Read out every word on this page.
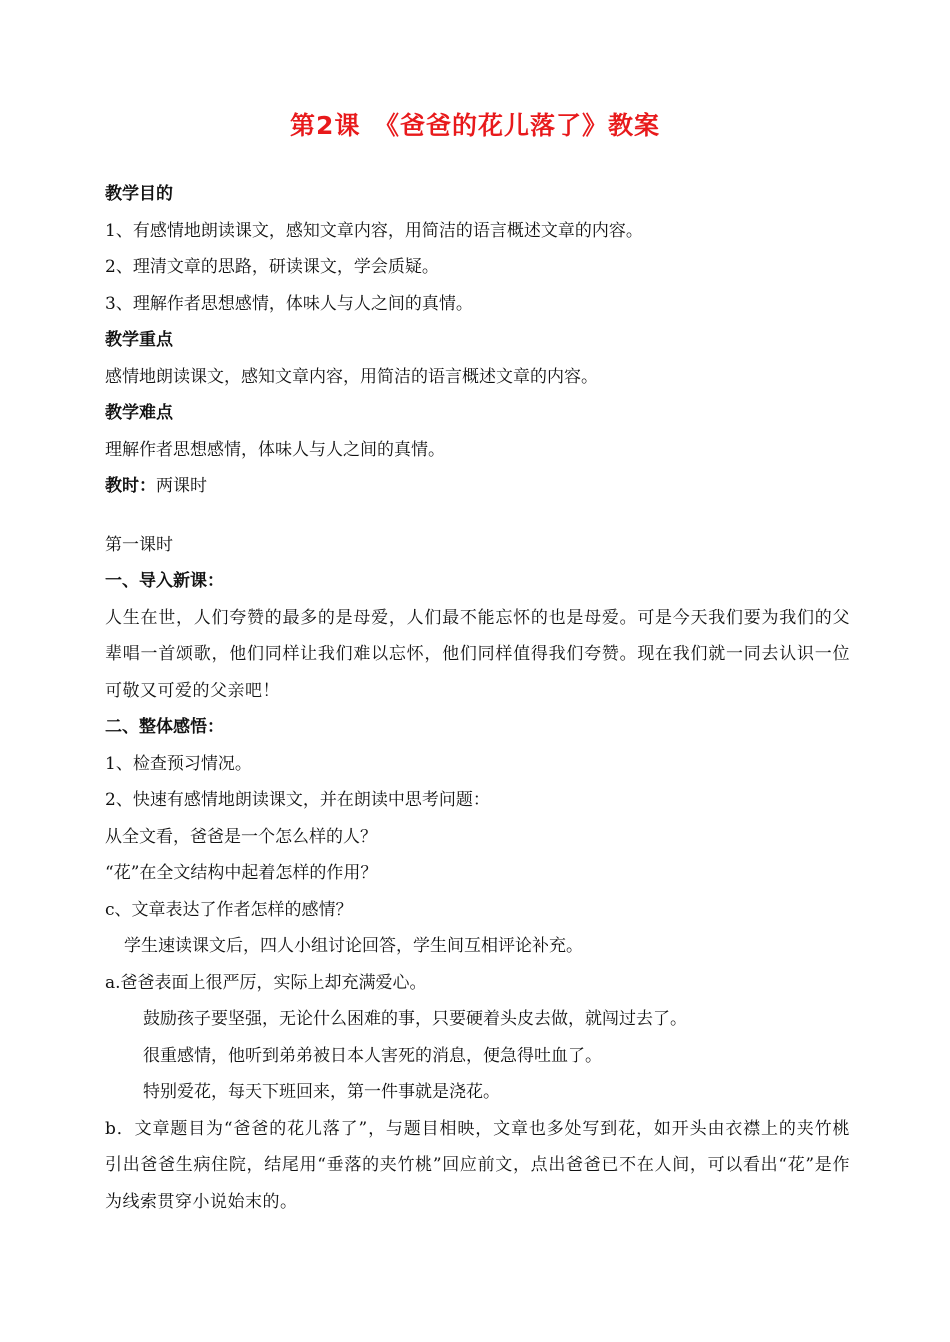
第2课　《爸爸的花儿落了》教案
教学目的
1、有感情地朗读课文，感知文章内容，用简洁的语言概述文章的内容。
2、理清文章的思路，研读课文，学会质疑。
3、理解作者思想感情，体味人与人之间的真情。
教学重点
感情地朗读课文，感知文章内容，用简洁的语言概述文章的内容。
教学难点
理解作者思想感情，体味人与人之间的真情。
教时：两课时
第一课时
一、导入新课：
人生在世，人们夸赞的最多的是母爱，人们最不能忘怀的也是母爱。可是今天我们要为我们的父辈唱一首颂歌，他们同样让我们难以忘怀，他们同样值得我们夸赞。现在我们就一同去认识一位可敬又可爱的父亲吧！
二、整体感悟：
1、检查预习情况。
2、快速有感情地朗读课文，并在朗读中思考问题：
从全文看，爸爸是一个怎么样的人？
“花”在全文结构中起着怎样的作用？
c、文章表达了作者怎样的感情？
学生速读课文后，四人小组讨论回答，学生间互相评论补充。
a.爸爸表面上很严厉，实际上却充满爱心。
鼓励孩子要坚强，无论什么困难的事，只要硬着头皮去做，就闯过去了。
很重感情，他听到弟弟被日本人害死的消息，便急得吐血了。
特别爱花，每天下班回来，第一件事就是浇花。
b．文章题目为“爸爸的花儿落了”，与题目相映，文章也多处写到花，如开头由衣襟上的夹竹桃引出爸爸生病住院，结尾用“垂落的夹竹桃”回应前文，点出爸爸已不在人间，可以看出“花”是作为线索贯穿小说始末的。
